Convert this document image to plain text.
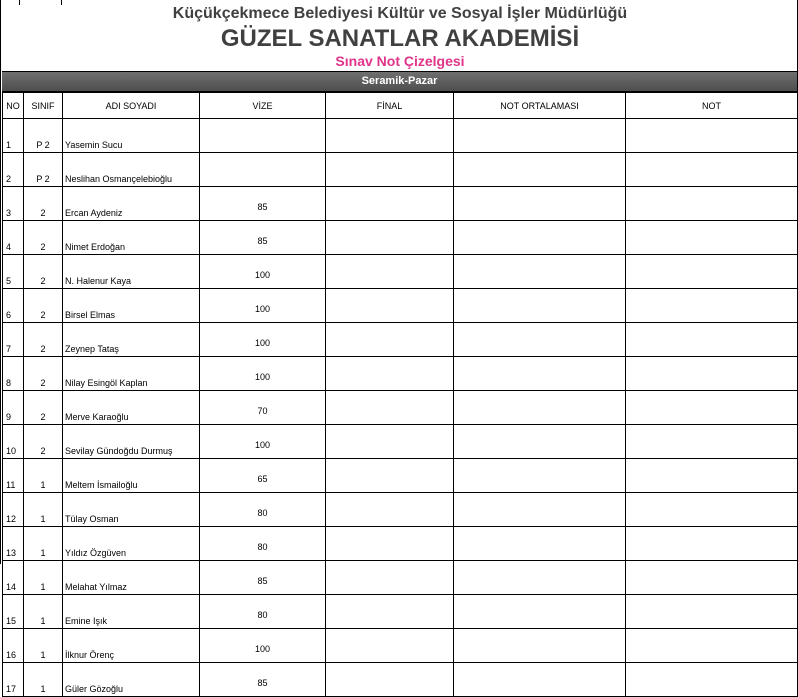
Küçükçekmece Belediyesi Kültür ve Sosyal İşler Müdürlüğü
GÜZEL SANATLAR AKADEMİSİ
Sınav Not Çizelgesi
Seramik-Pazar
NO	SINIF	ADI SOYADI	VİZE	FİNAL	NOT ORTALAMASI	NOT
1	P 2	Yasemin Sucu				
2	P 2	Neslihan Osmançelebioğlu				
3	2	Ercan Aydeniz	85			
4	2	Nimet Erdoğan	85			
5	2	N. Halenur Kaya	100			
6	2	Birsel Elmas	100			
7	2	Zeynep Tataş	100			
8	2	Nilay Esingöl Kaplan	100			
9	2	Merve Karaoğlu	70			
10	2	Sevilay Gündoğdu Durmuş	100			
11	1	Meltem İsmailoğlu	65			
12	1	Tülay Osman	80			
13	1	Yıldız Özgüven	80			
14	1	Melahat Yılmaz	85			
15	1	Emine Işık	80			
16	1	İlknur Örenç	100			
17	1	Güler Gözoğlu	85			
